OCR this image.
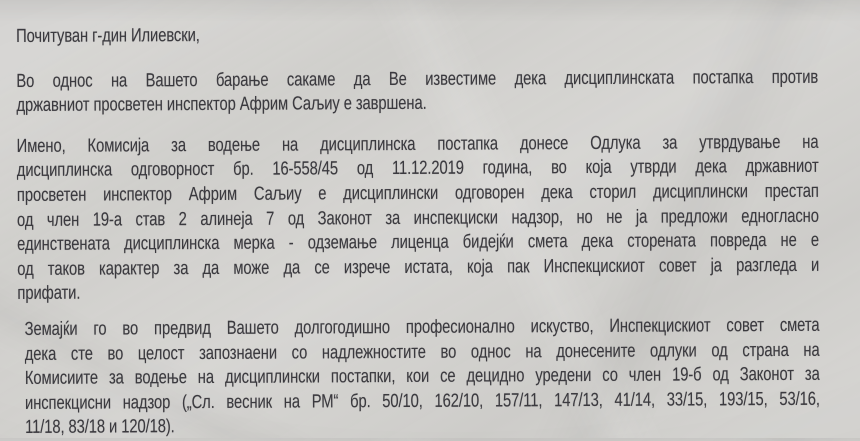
Почитуван г-дин Илиевски,

Во однос на Вашето барање сакаме да Ве известиме дека дисциплинската постапка против
државниот просветен инспектор Африм Саљиу е завршена.
Имено, Комисија за водење на дисциплинска постапка донесе Одлука за утврдување на
дисциплинска одговорност бр. 16-558/45 од 11.12.2019 година, во која утврди дека државниот
просветен инспектор Африм Саљиу е дисциплински одговорен дека сторил дисциплински престап
од член 19-а став 2 алинеја 7 од Законот за инспекциски надзор, но не ја предложи едногласно
единствената дисциплинска мерка - одземање лиценца бидејќи смета дека сторената повреда не е
од таков карактер за да може да се изрече истата, која пак Инспекцискиот совет ја разгледа и
прифати.
Земајќи го во предвид Вашето долгогодишно професионално искуство, Инспекцискиот совет смета
дека сте во целост запознаени со надлежностите во однос на донесените одлуки од страна на
Комисиите за водење на дисциплински постапки, кои се децидно уредени со член 19-б од Законот за
инспекцисни надзор („Сл. весник на РМ“ бр. 50/10, 162/10, 157/11, 147/13, 41/14, 33/15, 193/15, 53/16,
11/18, 83/18 и 120/18).
